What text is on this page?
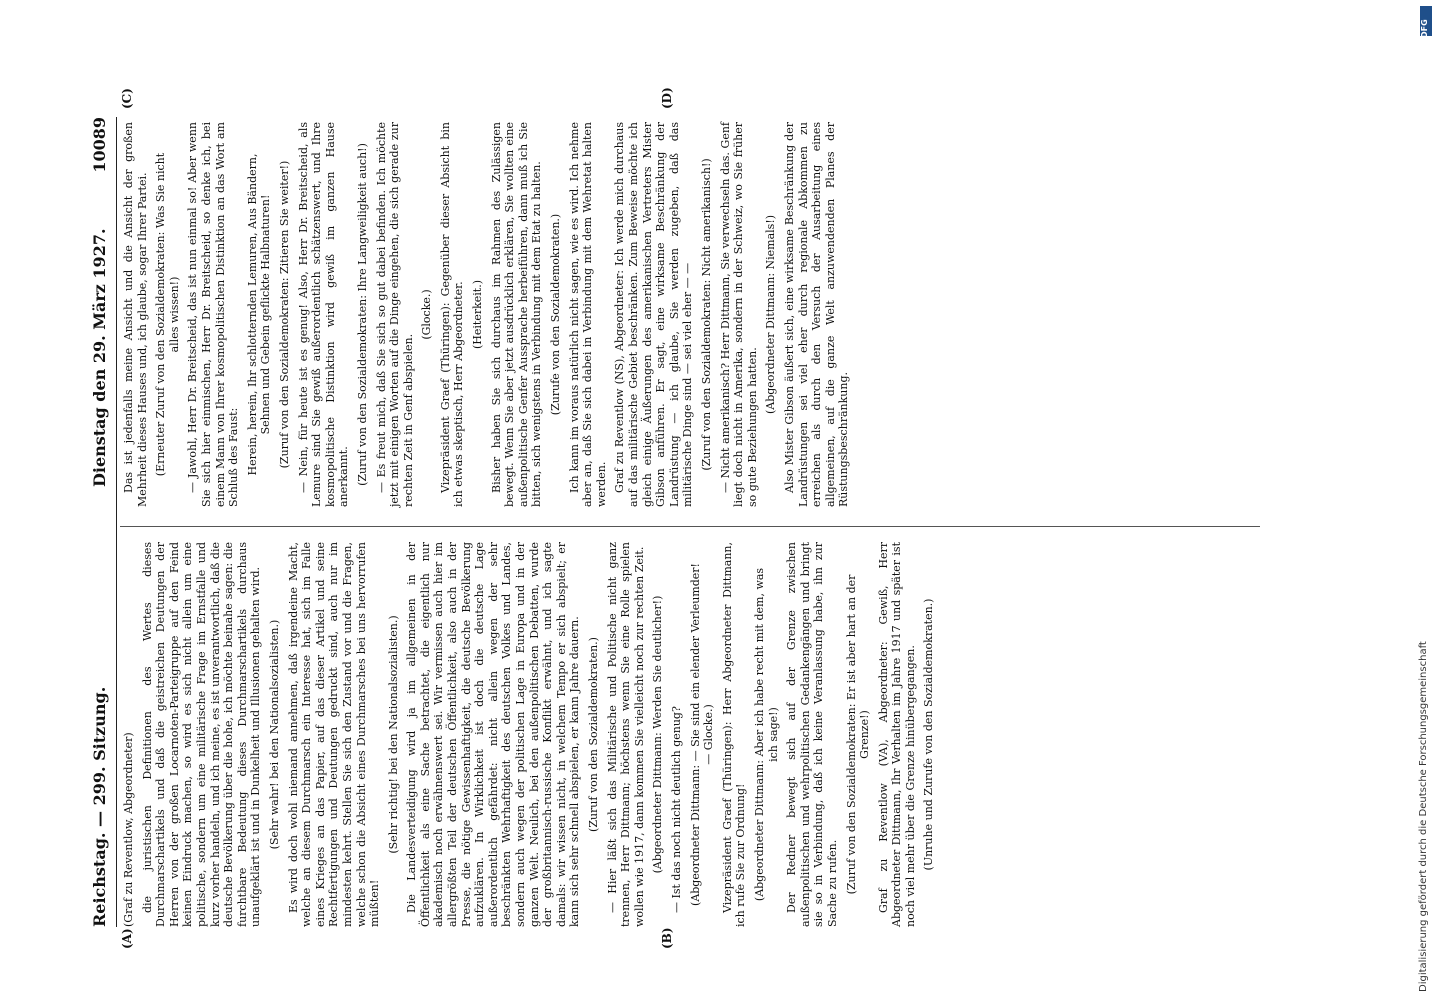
Reichstag. — 299. Sitzung.
Dienstag den 29. März 1927.
10089
(A)	(B)
(C)	(D)

(Graf zu Reventlow, Abgeordneter) die juristischen Definitionen des Wertes dieses Durchmarschartikels und daß die geistreichen Deutungen der Herren von der großen Locarnoten-Parteigruppe auf den Feind keinen Eindruck machen, so wird es sich nicht allein um eine politische, sondern um eine militärische Frage im Ernstfalle und kurz vorher handeln, und ich meine, es ist unverantwortlich, daß die deutsche Bevölkerung über die hohe, ich möchte beinahe sagen: die furchtbare Bedeutung dieses Durchmarschartikels durchaus unaufgeklärt ist und in Dunkelheit und Illusionen gehalten wird. (Sehr wahr! bei den Nationalsozialisten.) Es wird doch wohl niemand annehmen, daß irgendeine Macht, welche an diesem Durchmarsch ein Interesse hat, sich im Falle eines Krieges an das Papier, auf das dieser Artikel und seine Rechtfertigungen und Deutungen gedruckt sind, auch nur im mindesten kehrt. Stellen Sie sich den Zustand vor und die Fragen, welche schon die Absicht eines Durchmarsches bei uns hervorrufen müßten!

(Sehr richtig! bei den Nationalsozialisten.) Die Landesverteidigung wird ja im allgemeinen in der Öffentlichkeit als eine Sache betrachtet, die eigentlich nur akademisch noch erwähnenswert sei. Wir vermissen auch hier im allergrößten Teil der deutschen Öffentlichkeit, also auch in der Presse, die nötige Gewissenhaftigkeit, die deutsche Bevölkerung aufzuklären. In Wirklichkeit ist doch die deutsche Lage außerordentlich gefährdet: nicht allein wegen der sehr beschränkten Wehrhaftigkeit des deutschen Volkes und Landes, sondern auch wegen der politischen Lage in Europa und in der ganzen Welt. Neulich, bei den außenpolitischen Debatten, wurde der großbritannisch-russische Konflikt erwähnt, und ich sagte damals: wir wissen nicht, in welchem Tempo er sich abspielt; er kann sich sehr schnell abspielen, er kann Jahre dauern. (Zuruf von den Sozialdemokraten.) — Hier läßt sich das Militärische und Politische nicht ganz trennen, Herr Dittmann; höchstens wenn Sie eine Rolle spielen wollen wie 1917, dann kommen Sie vielleicht noch zur rechten Zeit. (Abgeordneter Dittmann: Werden Sie deutlicher!) — Ist das noch nicht deutlich genug? (Abgeordneter Dittmann: — Sie sind ein elender Verleumder! — Glocke.) Vizepräsident Graef (Thüringen): Herr Abgeordneter Dittmann, ich rufe Sie zur Ordnung! (Abgeordneter Dittmann: Aber ich habe recht mit dem, was ich sage!) Der Redner bewegt sich auf der Grenze zwischen außenpolitischen und wehrpolitischen Gedankengängen und bringt sie so in Verbindung, daß ich keine Veranlassung habe, ihn zur Sache zu rufen. (Zuruf von den Sozialdemokraten: Er ist aber hart an der Grenze!) Graf zu Reventlow (VA), Abgeordneter: Gewiß, Herr Abgeordneter Dittmann, Ihr Verhalten im Jahre 1917 und später ist noch viel mehr über die Grenze hinübergegangen. (Unruhe und Zurufe von den Sozialdemokraten.)

Das ist jedenfalls meine Ansicht und die Ansicht der großen Mehrheit dieses Hauses und, ich glaube, sogar Ihrer Partei. (Erneuter Zuruf von den Sozialdemokraten: Was Sie nicht alles wissen!) — Jawohl, Herr Dr. Breitscheid, das ist nun einmal so! Aber wenn Sie sich hier einmischen, Herr Dr. Breitscheid, so denke ich, bei einem Mann von Ihrer kosmopolitischen Distinktion an das Wort am Schluß des Faust: Herein, herein, Ihr schlotternden Lemuren, Aus Bändern, Sehnen und Gebein geflickte Halbnaturen! (Zuruf von den Sozialdemokraten: Zitieren Sie weiter!) — Nein, für heute ist es genug! Also, Herr Dr. Breitscheid, als Lemure sind Sie gewiß außerordentlich schätzenswert, und Ihre kosmopolitische Distinktion wird gewiß im ganzen Hause anerkannt. (Zuruf von den Sozialdemokraten: Ihre Langweiligkeit auch!) — Es freut mich, daß Sie sich so gut dabei befinden. Ich möchte jetzt mit einigen Worten auf die Dinge eingehen, die sich gerade zur rechten Zeit in Genf abspielen.

(Glocke.) Vizepräsident Graef (Thüringen): Gegenüber dieser Absicht bin ich etwas skeptisch, Herr Abgeordneter. (Heiterkeit.) Bisher haben Sie sich durchaus im Rahmen des Zulässigen bewegt. Wenn Sie aber jetzt ausdrücklich erklären, Sie wollten eine außenpolitische Genfer Aussprache herbeiführen, dann muß ich Sie bitten, sich wenigstens in Verbindung mit dem Etat zu halten. (Zurufe von den Sozialdemokraten.) Ich kann im voraus natürlich nicht sagen, wie es wird. Ich nehme aber an, daß Sie sich dabei in Verbindung mit dem Wehretat halten werden. Graf zu Reventlow (NS), Abgeordneter: Ich werde mich durchaus auf das militärische Gebiet beschränken. Zum Beweise möchte ich gleich einige Äußerungen des amerikanischen Vertreters Mister Gibson anführen. Er sagt, eine wirksame Beschränkung der Landrüstung — ich glaube, Sie werden zugeben, daß das militärische Dinge sind — sei viel eher — — (Zuruf von den Sozialdemokraten: Nicht amerikanisch!) — Nicht amerikanisch? Herr Dittmann, Sie verwechseln das. Genf liegt doch nicht in Amerika, sondern in der Schweiz, wo Sie früher so gute Beziehungen hatten.

(Abgeordneter Dittmann: Niemals!) Also Mister Gibson äußert sich, eine wirksame Beschränkung der Landrüstungen sei viel eher durch regionale Abkommen zu erreichen als durch den Versuch der Ausarbeitung eines allgemeinen, auf die ganze Welt anzuwendenden Planes der Rüstungsbeschränkung.

Digitalisierung gefördert durch die Deutsche Forschungsgemeinschaft
DFG
